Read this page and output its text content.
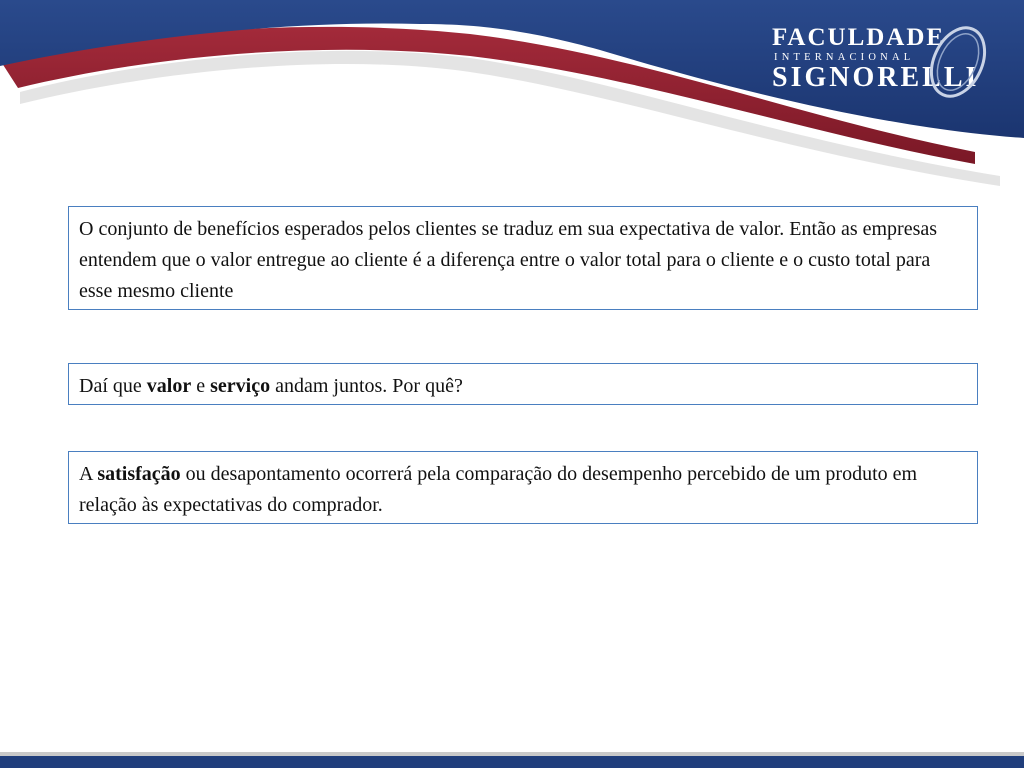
FACULDADE
INTERNACIONAL
SIGNORELLI
O conjunto de benefícios esperados pelos clientes se traduz em sua expectativa de valor. Então as empresas entendem que o valor entregue ao cliente é a diferença entre o valor total para o cliente e o custo total para esse mesmo cliente
Daí que valor e serviço andam juntos. Por quê?
A satisfação ou desapontamento ocorrerá pela comparação do desempenho percebido de um produto em relação às expectativas do comprador.
